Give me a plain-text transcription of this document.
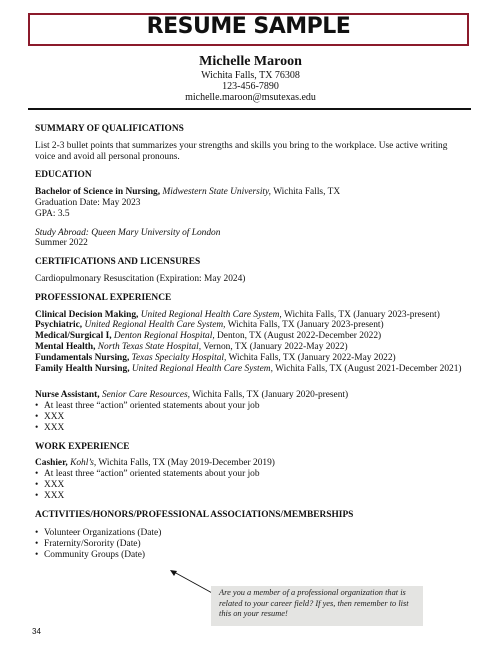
RESUME SAMPLE
Michelle Maroon
Wichita Falls, TX 76308
123-456-7890
michelle.maroon@msutexas.edu
SUMMARY OF QUALIFICATIONS
List 2-3 bullet points that summarizes your strengths and skills you bring to the workplace. Use active writing voice and avoid all personal pronouns.
EDUCATION
Bachelor of Science in Nursing, Midwestern State University, Wichita Falls, TX
Graduation Date: May 2023
GPA: 3.5
Study Abroad: Queen Mary University of London
Summer 2022
CERTIFICATIONS AND LICENSURES
Cardiopulmonary Resuscitation (Expiration: May 2024)
PROFESSIONAL EXPERIENCE
Clinical Decision Making, United Regional Health Care System, Wichita Falls, TX (January 2023-present)
Psychiatric, United Regional Health Care System, Wichita Falls, TX (January 2023-present)
Medical/Surgical I, Denton Regional Hospital, Denton, TX (August 2022-December 2022)
Mental Health, North Texas State Hospital, Vernon, TX (January 2022-May 2022)
Fundamentals Nursing, Texas Specialty Hospital, Wichita Falls, TX (January 2022-May 2022)
Family Health Nursing, United Regional Health Care System, Wichita Falls, TX (August 2021-December 2021)
Nurse Assistant, Senior Care Resources, Wichita Falls, TX (January 2020-present)
• At least three “action” oriented statements about your job
• XXX
• XXX
WORK EXPERIENCE
Cashier, Kohl’s, Wichita Falls, TX (May 2019-December 2019)
• At least three “action” oriented statements about your job
• XXX
• XXX
ACTIVITIES/HONORS/PROFESSIONAL ASSOCIATIONS/MEMBERSHIPS
• Volunteer Organizations (Date)
• Fraternity/Sorority (Date)
• Community Groups (Date)
Are you a member of a professional organization that is related to your career field? If yes, then remember to list this on your resume!
34
